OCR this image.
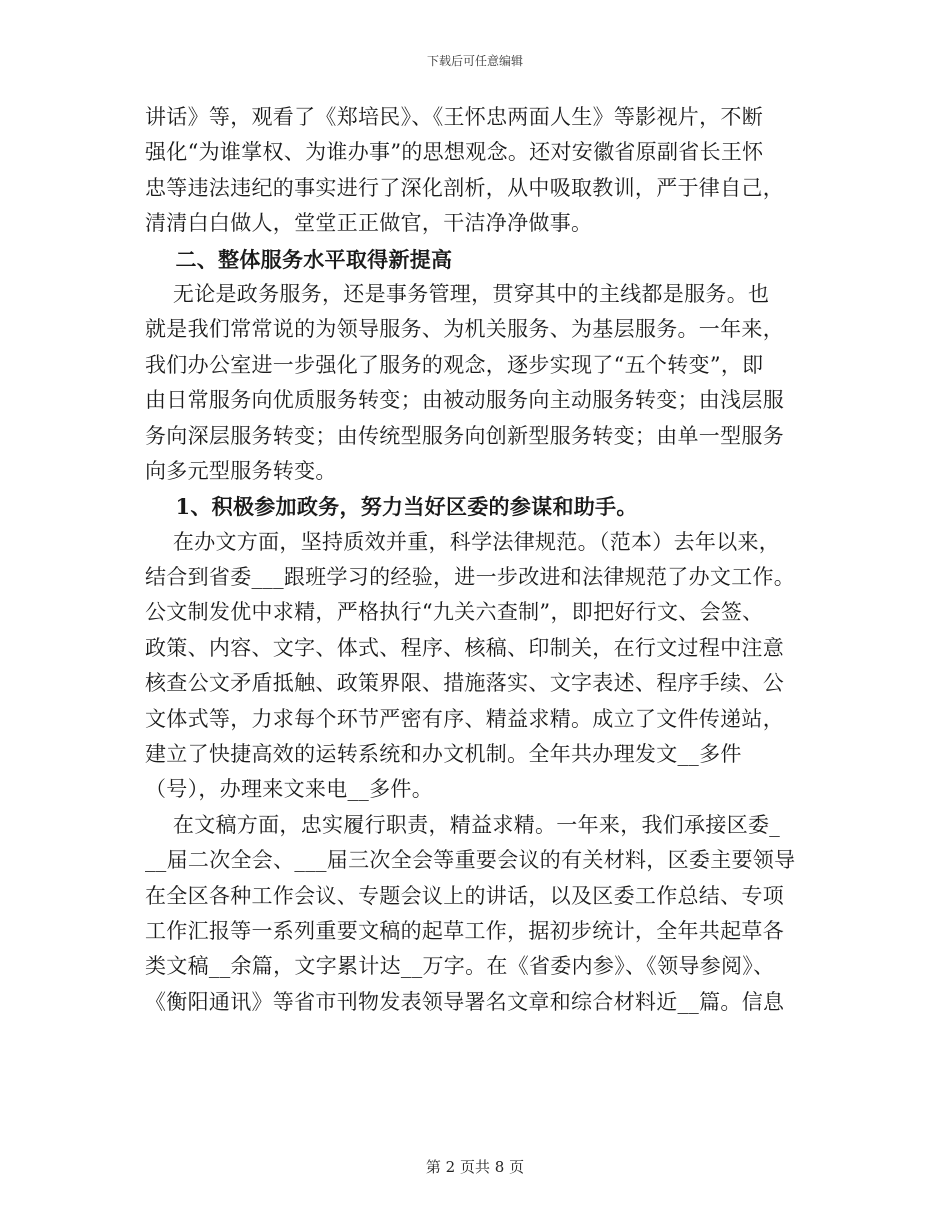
下载后可任意编辑
讲话》等，观看了《郑培民》、《王怀忠两面人生》等影视片，不断
强化“为谁掌权、为谁办事”的思想观念。还对安徽省原副省长王怀
忠等违法违纪的事实进行了深化剖析，从中吸取教训，严于律自己，
清清白白做人，堂堂正正做官，干洁净净做事。
二、整体服务水平取得新提高
无论是政务服务，还是事务管理，贯穿其中的主线都是服务。也
就是我们常常说的为领导服务、为机关服务、为基层服务。一年来，
我们办公室进一步强化了服务的观念，逐步实现了“五个转变”，即
由日常服务向优质服务转变；由被动服务向主动服务转变；由浅层服
务向深层服务转变；由传统型服务向创新型服务转变；由单一型服务
向多元型服务转变。
1、积极参加政务，努力当好区委的参谋和助手。
在办文方面，坚持质效并重，科学法律规范。（范本）去年以来，
结合到省委___跟班学习的经验，进一步改进和法律规范了办文工作。
公文制发优中求精，严格执行“九关六查制”，即把好行文、会签、
政策、内容、文字、体式、程序、核稿、印制关，在行文过程中注意
核查公文矛盾抵触、政策界限、措施落实、文字表述、程序手续、公
文体式等，力求每个环节严密有序、精益求精。成立了文件传递站，
建立了快捷高效的运转系统和办文机制。全年共办理发文__多件
（号），办理来文来电__多件。
在文稿方面，忠实履行职责，精益求精。一年来，我们承接区委_
__届二次全会、___届三次全会等重要会议的有关材料，区委主要领导
在全区各种工作会议、专题会议上的讲话，以及区委工作总结、专项
工作汇报等一系列重要文稿的起草工作，据初步统计，全年共起草各
类文稿__余篇，文字累计达__万字。在《省委内参》、《领导参阅》、
《衡阳通讯》等省市刊物发表领导署名文章和综合材料近__篇。信息
第 2 页共 8 页
